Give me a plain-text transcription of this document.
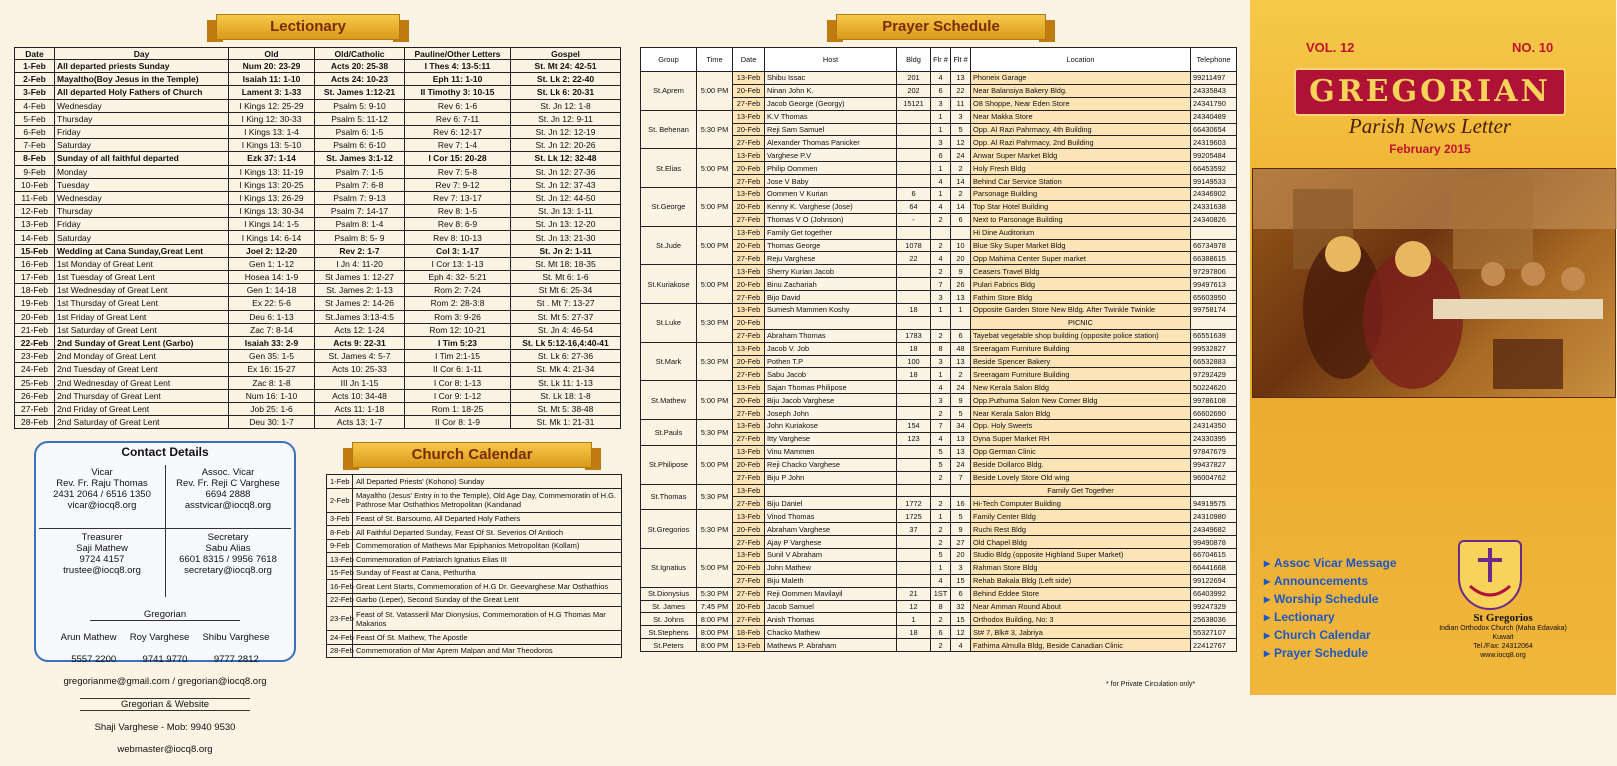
Lectionary
Date	Day	Old	Old/Catholic	Pauline/Other Letters	Gospel
1-Feb	All departed priests Sunday	Num 20: 23-29	Acts 20: 25-38	I Thes 4: 13-5:11	St. Mt 24: 42-51
2-Feb	Mayaltho(Boy Jesus in the Temple)	Isaiah 11: 1-10	Acts 24: 10-23	Eph 11: 1-10	St. Lk 2: 22-40
3-Feb	All departed Holy Fathers of Church	Lament 3: 1-33	St. James 1:12-21	II Timothy 3: 10-15	St. Lk 6: 20-31
4-Feb	Wednesday	I Kings 12: 25-29	Psalm 5: 9-10	Rev 6: 1-6	St. Jn 12: 1-8
5-Feb	Thursday	I King 12: 30-33	Psalm 5: 11-12	Rev 6: 7-11	St. Jn 12: 9-11
6-Feb	Friday	I Kings 13: 1-4	Psalm 6: 1-5	Rev 6: 12-17	St. Jn 12: 12-19
7-Feb	Saturday	I Kings 13: 5-10	Psalm 6: 6-10	Rev 7: 1-4	St. Jn 12: 20-26
8-Feb	Sunday of all faithful departed	Ezk 37: 1-14	St. James 3:1-12	I Cor 15: 20-28	St. Lk 12: 32-48
9-Feb	Monday	I Kings 13: 11-19	Psalm 7: 1-5	Rev 7: 5-8	St. Jn 12: 27-36
10-Feb	Tuesday	I Kings 13: 20-25	Psalm 7: 6-8	Rev 7: 9-12	St. Jn 12: 37-43
11-Feb	Wednesday	I Kings 13: 26-29	Psalm 7: 9-13	Rev 7: 13-17	St. Jn 12: 44-50
12-Feb	Thursday	I Kings 13: 30-34	Psalm 7: 14-17	Rev 8: 1-5	St. Jn 13: 1-11
13-Feb	Friday	I Kings 14: 1-5	Psalm 8: 1-4	Rev 8: 6-9	St. Jn 13: 12-20
14-Feb	Saturday	I Kings 14: 6-14	Psalm 8: 5- 9	Rev 8: 10-13	St. Jn 13: 21-30
15-Feb	Wedding at Cana Sunday,Great Lent	Joel 2: 12-20	Rev 2: 1-7	Col 3: 1-17	St. Jn 2: 1-11
16-Feb	1st Monday of Great Lent	Gen 1: 1-12	I Jn 4: 11-20	I Cor 13: 1-13	St. Mt 18: 18-35
17-Feb	1st Tuesday of Great Lent	Hosea 14: 1-9	St James 1: 12-27	Eph 4: 32- 5:21	St. Mt 6: 1-6
18-Feb	1st Wednesday of Great Lent	Gen 1: 14-18	St. James 2: 1-13	Rom 2: 7-24	St Mt 6: 25-34
19-Feb	1st Thursday of Great Lent	Ex 22: 5-6	St James 2: 14-26	Rom 2: 28-3:8	St . Mt 7: 13-27
20-Feb	1st Friday of Great Lent	Deu 6: 1-13	St.James 3:13-4:5	Rom 3: 9-26	St. Mt 5: 27-37
21-Feb	1st Saturday of Great Lent	Zac 7: 8-14	Acts 12: 1-24	Rom 12: 10-21	St. Jn 4: 46-54
22-Feb	2nd Sunday of Great Lent (Garbo)	Isaiah 33: 2-9	Acts 9: 22-31	I Tim 5:23	St. Lk 5:12-16,4:40-41
23-Feb	2nd Monday of Great Lent	Gen 35: 1-5	St. James 4: 5-7	I Tim 2:1-15	St. Lk 6: 27-36
24-Feb	2nd Tuesday of Great Lent	Ex 16: 15-27	Acts 10: 25-33	II Cor 6: 1-11	St. Mk 4: 21-34
25-Feb	2nd Wednesday of Great Lent	Zac 8: 1-8	III Jn 1-15	I Cor 8: 1-13	St. Lk 11: 1-13
26-Feb	2nd Thursday of Great Lent	Num 16: 1-10	Acts 10: 34-48	I Cor 9: 1-12	St. Lk 18: 1-8
27-Feb	2nd Friday of Great Lent	Job 25: 1-6	Acts 11: 1-18	Rom 1: 18-25	St. Mt 5: 38-48
28-Feb	2nd Saturday of Great Lent	Deu 30: 1-7	Acts 13: 1-7	II Cor 8: 1-9	St. Mk 1: 21-31
Contact Details
Vicar
Rev. Fr. Raju Thomas
2431 2064 / 6516 1350
vicar@iocq8.org
Assoc. Vicar
Rev. Fr. Reji C Varghese
6694 2888
asstvicar@iocq8.org
Treasurer
Saji Mathew
9724 4157
trustee@iocq8.org
Secretary
Sabu Alias
6601 8315 / 9956 7618
secretary@iocq8.org

Gregorian

Arun Mathew     Roy Varghese     Shibu Varghese

5557 2200          9741 9770          9777 2812

gregorianme@gmail.com / gregorian@iocq8.org

Gregorian & Website

Shaji Varghese - Mob: 9940 9530

webmaster@iocq8.org

Church Calendar
1-Feb	All Departed Priests' (Kohono) Sunday
2-Feb	Mayaltho (Jesus' Entry in to the Temple), Old Age Day, Commemoratin of H.G. Pathrose Mar Osthathios Metropolitan (Kandanad
3-Feb	Feast of St. Barsoumo, All Departed Holy Fathers
8-Feb	All Faithful Departed Sunday, Feast Of St. Severios Of Antioch
9-Feb	Commemoration of Mathews Mar Epiphanios Metropolitan (Kollam)
13-Feb	Commemoration of Patriarch Ignatius Elias III
15-Feb	Sunday of Feast at Cana, Pethurtha
16-Feb	Great Lent Starts, Commemoration of H.G Dr. Geevarghese Mar Osthathios
22-Feb	Garbo (Leper), Second Sunday of the Great Lent
23-Feb	Feast of St. Vatasseril Mar Dionysius, Commemoration of H.G Thomas Mar Makarios
24-Feb	Feast Of St. Mathew, The Apostle
28-Feb	Commemoration of Mar Aprem Malpan and Mar Theodoros
Prayer Schedule
Group	Time	Date	Host	Bldg	Flr #	Flt #	Location	Telephone
St.Aprem	5:00 PM	13-Feb	Shibu Issac	201	4	13	Phoneix Garage	99211497
		20-Feb	Ninan John K.	202	6	22	Near Balansiya Bakery Bldg.	24335843
		27-Feb	Jacob George (Georgy)	15121	3	11	O8 Shoppe, Near Eden Store	24341790
St. Behenan	5:30 PM	13-Feb	K.V Thomas		1	3	Near Makka Store	24340489
		20-Feb	Reji Sam Samuel		1	5	Opp. Al Razi Pahrmacy, 4th Building	66430654
		27-Feb	Alexander Thomas Panicker		3	12	Opp. Al Razi Pahrmacy, 2nd Building	24319603
St.Elias	5:00 PM	13-Feb	Varghese P.V		6	24	Anwar Super Market Bldg	99205484
		20-Feb	Philip Oommen		1	2	Holy Fresh Bldg	66453592
		27-Feb	Jose V Baby		4	14	Behind Car Service Station	99149533
St.George	5:00 PM	13-Feb	Oommen V Kurian	6	1	2	Parsonage Building	24346902
		20-Feb	Kenny K. Varghese (Jose)	64	4	14	Top Star Hotel Building	24331638
		27-Feb	Thomas V O (Johnson)	-	2	6	Next to Parsonage Building	24340826
St.Jude	5:00 PM	13-Feb	Family Get together				Hi Dine Auditorium	
		20-Feb	Thomas George	1078	2	10	Blue Sky Super Market Bldg	66734978
		27-Feb	Reju Varghese	22	4	20	Opp Mahima Center Super market	66388615
St.Kuriakose	5:00 PM	13-Feb	Sherry Kurian Jacob		2	9	Ceasers Travel Bldg	97297806
		20-Feb	Binu Zachariah		7	26	Pulari Fabrics Bldg	99497613
		27-Feb	Bijo David		3	13	Fathim Store Bldg	65603950
St.Luke	5:30 PM	13-Feb	Sumesh Mammen Koshy	18	1	1	Opposite Garden Store New Bldg. After Twinkle Twinkle	99758174
		20-Feb					PICNIC	
		27-Feb	Abraham Thomas	1783	2	6	Tayebat vegetable shop building (opposite police station)	66551639
St.Mark	5:30 PM	13-Feb	Jacob V. Job	18	8	48	Sreeragam Furniture Building	99532827
		20-Feb	Pothen T.P	100	3	13	Beside Spencer Bakery	66532883
		27-Feb	Sabu Jacob	18	1	2	Sreeragam Furniture Building	97292429
St.Mathew	5:00 PM	13-Feb	Sajan Thomas Philipose		4	24	New Kerala Salon Bldg	50224620
		20-Feb	Biju Jacob Varghese		3	9	Opp.Puthuma Salon New Comer Bldg	99786108
		27-Feb	Joseph John		2	5	Near Kerala Salon Bldg	66602690
St.Pauls	5:30 PM	13-Feb	John Kuriakose	154	7	34	Opp. Holy Sweets	24314350
		27-Feb	Itty Varghese	123	4	13	Dyna Super Market RH	24330395
St.Philipose	5:00 PM	13-Feb	Vinu Mammen		5	13	Opp German Clinic	97847679
		20-Feb	Reji Chacko Varghese		5	24	Beside Dollarco Bldg.	99437827
		27-Feb	Biju P John		2	7	Beside Lovely Store Old wing	96004762
St.Thomas	5:30 PM	13-Feb					Family Get Together	
		27-Feb	Biju Daniel	1772	2	16	Hi-Tech Computer Building	94919575
St.Gregorios	5:30 PM	13-Feb	Vinod Thomas	1725	1	5	Family Center Bldg	24310980
		20-Feb	Abraham Varghese	37	2	9	Ruchi Rest Bldg	24349682
		27-Feb	Ajay P Varghese		2	27	Old Chapel Bldg	99490878
St.Ignatius	5:00 PM	13-Feb	Sunil V Abraham		5	20	Studio Bldg (opposite Highland Super Market)	66704615
		20-Feb	John Mathew		1	3	Rahman Store Bldg	66441668
		27-Feb	Biju Maleth		4	15	Rehab Bakala Bldg (Left side)	99122694
St.Dionysius	5:30 PM	27-Feb	Reji Oommen Mavilayil	21	1ST	6	Behind Eddee Store	66403992
St. James	7:45 PM	20-Feb	Jacob Samuel	12	8	32	Near Amman Round About	99247329
St. Johns	8:00 PM	27-Feb	Anish Thomas	1	2	15	Orthodox Building, No: 3	25638036
St.Stephens	8:00 PM	18-Feb	Chacko Mathew	18	6	12	St# 7, Blk# 3, Jabriya	55327107
St.Peters	8:00 PM	13-Feb	Mathews P. Abraham		2	4	Fathima Almulla Bldg, Beside Canadian Clinic	22412767
* for Private Circulation only*
VOL. 12	NO. 10
GREGORIAN
Parish News Letter
February 2015
▸ Assoc Vicar Message
▸ Announcements
▸ Worship Schedule
▸ Lectionary
▸ Church Calendar
▸ Prayer Schedule
St Gregorios
Indian Orthodox Church (Maha Edavaka)
Kuwait
Tel./Fax: 24312064
www.iocq8.org
